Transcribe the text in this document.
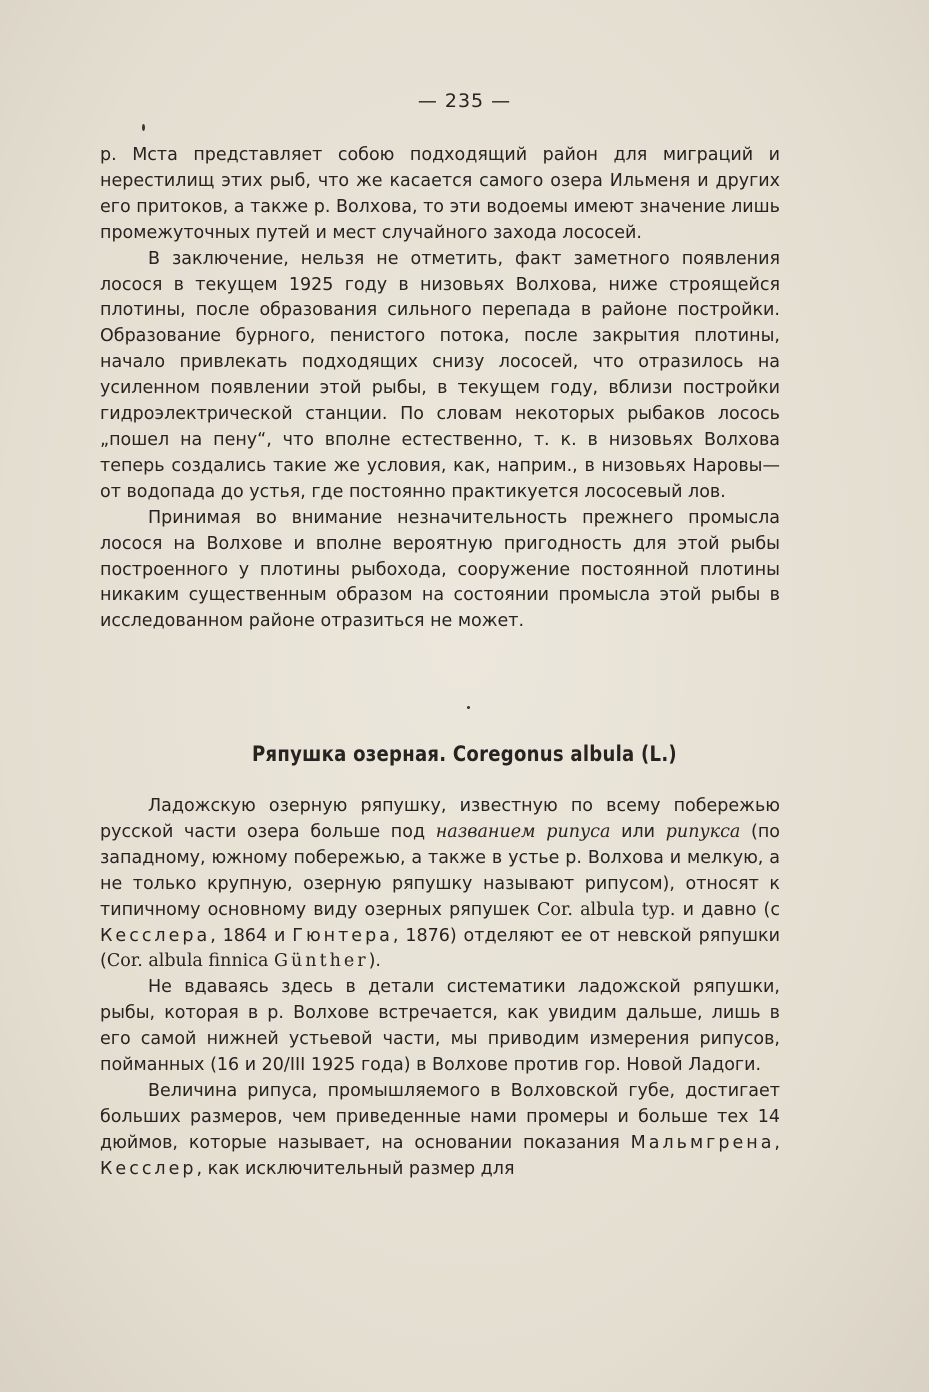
— 235 —

р. Мста представляет собою подходящий район для миграций и нерестилищ этих рыб, что же касается самого озера Ильменя и других его притоков, а также р. Волхова, то эти водоемы имеют значение лишь промежуточных путей и мест случайного захода лососей.

В заключение, нельзя не отметить, факт заметного появления лосося в текущем 1925 году в низовьях Волхова, ниже строящейся плотины, после образования сильного перепада в районе постройки. Образование бурного, пенистого потока, после закрытия плотины, начало привлекать подходящих снизу лососей, что отразилось на усиленном появлении этой рыбы, в текущем году, вблизи постройки гидроэлектрической станции. По словам некоторых рыбаков лосось „пошел на пену“, что вполне естественно, т. к. в низовьях Волхова теперь создались такие же условия, как, наприм., в низовьях Наровы—от водопада до устья, где постоянно практикуется лососевый лов.

Принимая во внимание незначительность прежнего промысла лосося на Волхове и вполне вероятную пригодность для этой рыбы построенного у плотины рыбохода, сооружение постоянной плотины никаким существенным образом на состоянии промысла этой рыбы в исследованном районе отразиться не может.

Ряпушка озерная. Coregonus albula (L.)

Ладожскую озерную ряпушку, известную по всему побережью русской части озера больше под названием рипуса или рипукса (по западному, южному побережью, а также в устье р. Волхова и мелкую, а не только крупную, озерную ряпушку называют рипусом), относят к типичному основному виду озерных ряпушек Cor. albula typ. и давно (с Кесслера, 1864 и Гюнтера, 1876) отделяют ее от невской ряпушки (Cor. albula finnica Günther).

Не вдаваясь здесь в детали систематики ладожской ряпушки, рыбы, которая в р. Волхове встречается, как увидим дальше, лишь в его самой нижней устьевой части, мы приводим измерения рипусов, пойманных (16 и 20/III 1925 года) в Волхове против гор. Новой Ладоги.

Величина рипуса, промышляемого в Волховской губе, достигает больших размеров, чем приведенные нами промеры и больше тех 14 дюймов, которые называет, на основании показания Мальмгрена, Кесслер, как исключительный размер для
